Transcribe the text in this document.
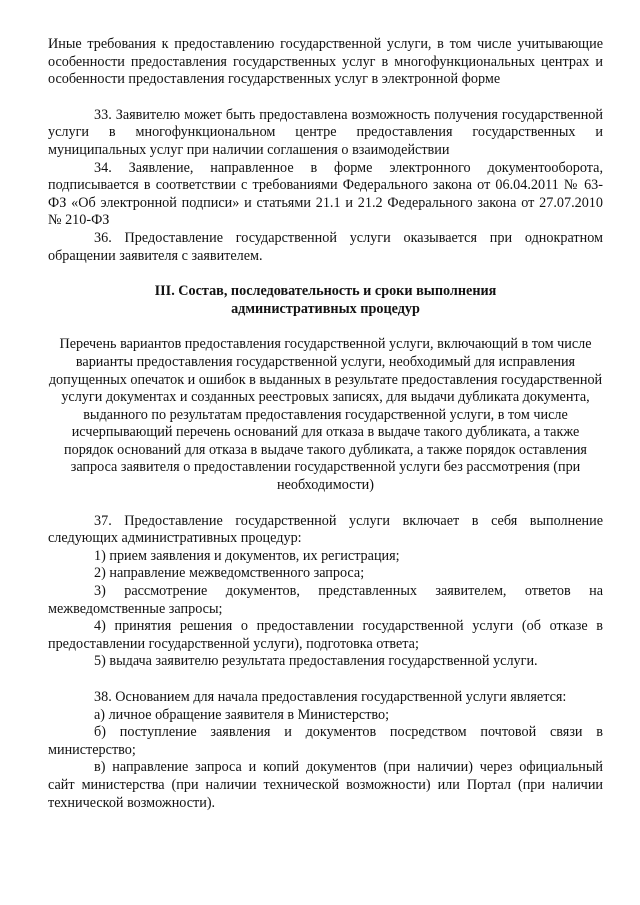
Иные требования к предоставлению государственной услуги, в том числе учитывающие особенности предоставления государственных услуг в многофункциональных центрах и особенности предоставления государственных услуг в электронной форме

33. Заявителю может быть предоставлена возможность получения государственной услуги в многофункциональном центре предоставления государственных и муниципальных услуг при наличии соглашения о взаимодействии

34. Заявление, направленное в форме электронного документооборота, подписывается в соответствии с требованиями Федерального закона от 06.04.2011 № 63-ФЗ «Об электронной подписи» и статьями 21.1 и 21.2 Федерального закона от 27.07.2010 № 210-ФЗ

36. Предоставление государственной услуги оказывается при однократном обращении заявителя с заявителем.

III. Состав, последовательность и сроки выполнения административных процедур

Перечень вариантов предоставления государственной услуги, включающий в том числе варианты предоставления государственной услуги, необходимый для исправления допущенных опечаток и ошибок в выданных в результате предоставления государственной услуги документах и созданных реестровых записях, для выдачи дубликата документа, выданного по результатам предоставления государственной услуги, в том числе исчерпывающий перечень оснований для отказа в выдаче такого дубликата, а также порядок оснований для отказа в выдаче такого дубликата, а также порядок оставления запроса заявителя о предоставлении государственной услуги без рассмотрения (при необходимости)

37. Предоставление государственной услуги включает в себя выполнение следующих административных процедур:

1) прием заявления и документов, их регистрация;

2) направление межведомственного запроса;

3) рассмотрение документов, представленных заявителем, ответов на межведомственные запросы;

4) принятия решения о предоставлении государственной услуги (об отказе в предоставлении государственной услуги), подготовка ответа;

5) выдача заявителю результата предоставления государственной услуги.

38. Основанием для начала предоставления государственной услуги является:

а) личное обращение заявителя в Министерство;

б) поступление заявления и документов посредством почтовой связи в министерство;

в) направление запроса и копий документов (при наличии) через официальный сайт министерства (при наличии технической возможности) или Портал (при наличии технической возможности).
